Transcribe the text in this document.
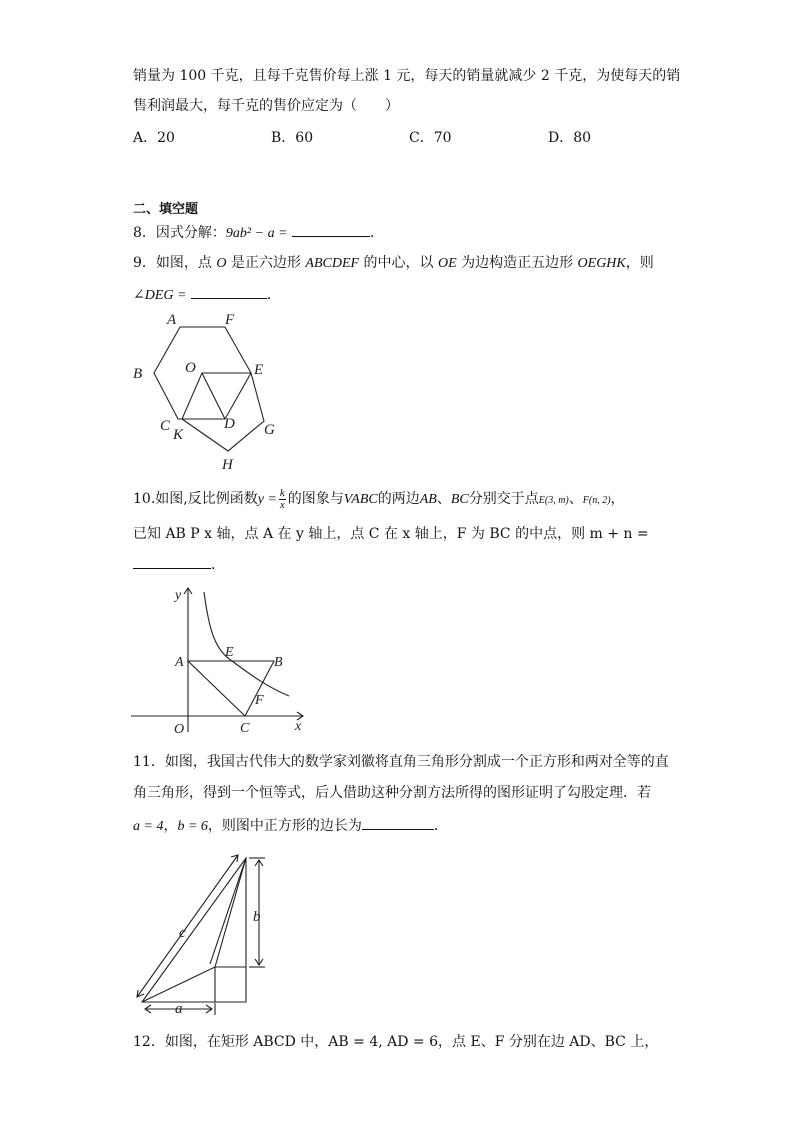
销量为 100 千克，且每千克售价每上涨 1 元，每天的销量就减少 2 千克，为使每天的销
售利润最大，每千克的售价应定为（　　）
A．20	B．60	C．70	D．80
二、填空题
8．因式分解：9ab² − a =	．
9．如图，点 O 是正六边形 ABCDEF 的中心，以 OE 为边构造正五边形 OEGHK，则
∠DEG =	．
A	F
B	O	E
C
K
D G
H
10.如图,反比例函数$y = \frac{k}{x}$ 的图象与VABC的两边AB、BC分别交于点E(3, m)、F(n, 2)，
已知 AB P x 轴，点 A 在 y 轴上，点 C 在 x 轴上，F 为 BC 的中点，则 m + n =
．
y
E
B
A
F
O	C	x
11．如图，我国古代伟大的数学家刘徽将直角三角形分割成一个正方形和两对全等的直
角三角形，得到一个恒等式，后人借助这种分割方法所得的图形证明了勾股定理．若
a = 4，b = 6，则图中正方形的边长为	．
c
b
a
12．如图，在矩形 ABCD 中，AB = 4, AD = 6，点 E、F 分别在边 AD、BC 上，
